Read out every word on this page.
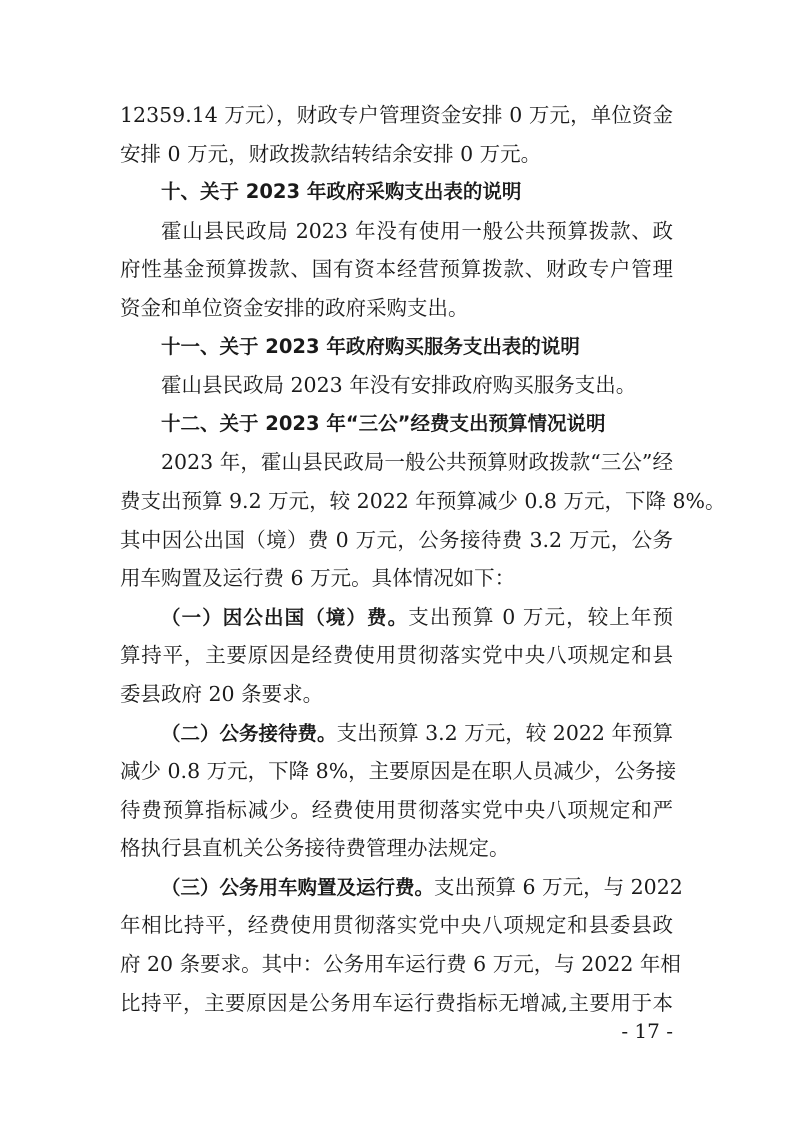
12359.14 万元），财政专户管理资金安排 0 万元，单位资金
安排 0 万元，财政拨款结转结余安排 0 万元。
十、关于 2023 年政府采购支出表的说明
霍山县民政局 2023 年没有使用一般公共预算拨款、政
府性基金预算拨款、国有资本经营预算拨款、财政专户管理
资金和单位资金安排的政府采购支出。
十一、关于 2023 年政府购买服务支出表的说明
霍山县民政局 2023 年没有安排政府购买服务支出。
十二、关于 2023 年“三公”经费支出预算情况说明
2023 年，霍山县民政局一般公共预算财政拨款“三公”经
费支出预算 9.2 万元，较 2022 年预算减少 0.8 万元，下降 8%。
其中因公出国（境）费 0 万元，公务接待费 3.2 万元，公务
用车购置及运行费 6 万元。具体情况如下：
（一）因公出国（境）费。支出预算 0 万元，较上年预
算持平，主要原因是经费使用贯彻落实党中央八项规定和县
委县政府 20 条要求。
（二）公务接待费。支出预算 3.2 万元，较 2022 年预算
减少 0.8 万元，下降 8%，主要原因是在职人员减少，公务接
待费预算指标减少。经费使用贯彻落实党中央八项规定和严
格执行县直机关公务接待费管理办法规定。
（三）公务用车购置及运行费。支出预算 6 万元，与 2022
年相比持平，经费使用贯彻落实党中央八项规定和县委县政
府 20 条要求。其中：公务用车运行费 6 万元，与 2022 年相
比持平，主要原因是公务用车运行费指标无增减,主要用于本
- 17 -
